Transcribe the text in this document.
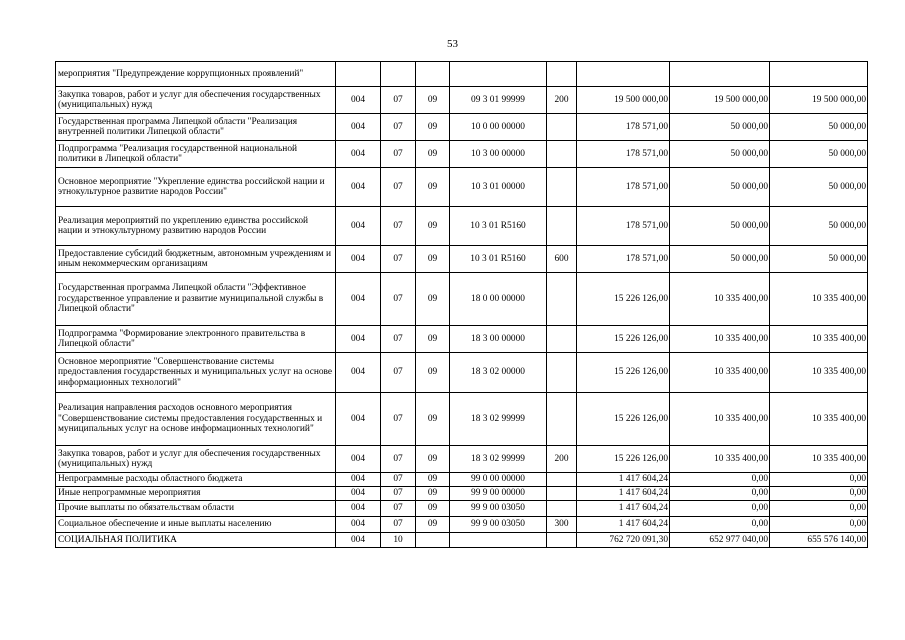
53
мероприятия "Предупреждение коррупционных проявлений"								
Закупка товаров, работ и услуг для обеспечения государственных (муниципальных) нужд	004	07	09	09 3 01 99999	200	19 500 000,00	19 500 000,00	19 500 000,00
Государственная программа Липецкой области "Реализация внутренней политики Липецкой области"	004	07	09	10 0 00 00000		178 571,00	50 000,00	50 000,00
Подпрограмма "Реализация государственной национальной политики в Липецкой области"	004	07	09	10 3 00 00000		178 571,00	50 000,00	50 000,00
Основное мероприятие "Укрепление единства российской нации и этнокультурное развитие народов России"	004	07	09	10 3 01 00000		178 571,00	50 000,00	50 000,00
Реализация мероприятий по укреплению единства российской нации и этнокультурному развитию народов России	004	07	09	10 3 01 R5160		178 571,00	50 000,00	50 000,00
Предоставление субсидий бюджетным, автономным учреждениям и иным некоммерческим организациям	004	07	09	10 3 01 R5160	600	178 571,00	50 000,00	50 000,00
Государственная программа Липецкой области "Эффективное государственное управление и развитие муниципальной службы в Липецкой области"	004	07	09	18 0 00 00000		15 226 126,00	10 335 400,00	10 335 400,00
Подпрограмма "Формирование электронного правительства в Липецкой области"	004	07	09	18 3 00 00000		15 226 126,00	10 335 400,00	10 335 400,00
Основное мероприятие "Совершенствование системы предоставления государственных и муниципальных услуг на основе информационных технологий"	004	07	09	18 3 02 00000		15 226 126,00	10 335 400,00	10 335 400,00
Реализация направления расходов основного мероприятия "Совершенствование системы предоставления государственных и муниципальных услуг на основе информационных технологий"	004	07	09	18 3 02 99999		15 226 126,00	10 335 400,00	10 335 400,00
Закупка товаров, работ и услуг для обеспечения государственных (муниципальных) нужд	004	07	09	18 3 02 99999	200	15 226 126,00	10 335 400,00	10 335 400,00
Непрограммные расходы областного бюджета	004	07	09	99 0 00 00000		1 417 604,24	0,00	0,00
Иные непрограммные мероприятия	004	07	09	99 9 00 00000		1 417 604,24	0,00	0,00
Прочие выплаты по обязательствам области	004	07	09	99 9 00 03050		1 417 604,24	0,00	0,00
Социальное обеспечение и иные выплаты населению	004	07	09	99 9 00 03050	300	1 417 604,24	0,00	0,00
СОЦИАЛЬНАЯ ПОЛИТИКА	004	10				762 720 091,30	652 977 040,00	655 576 140,00
